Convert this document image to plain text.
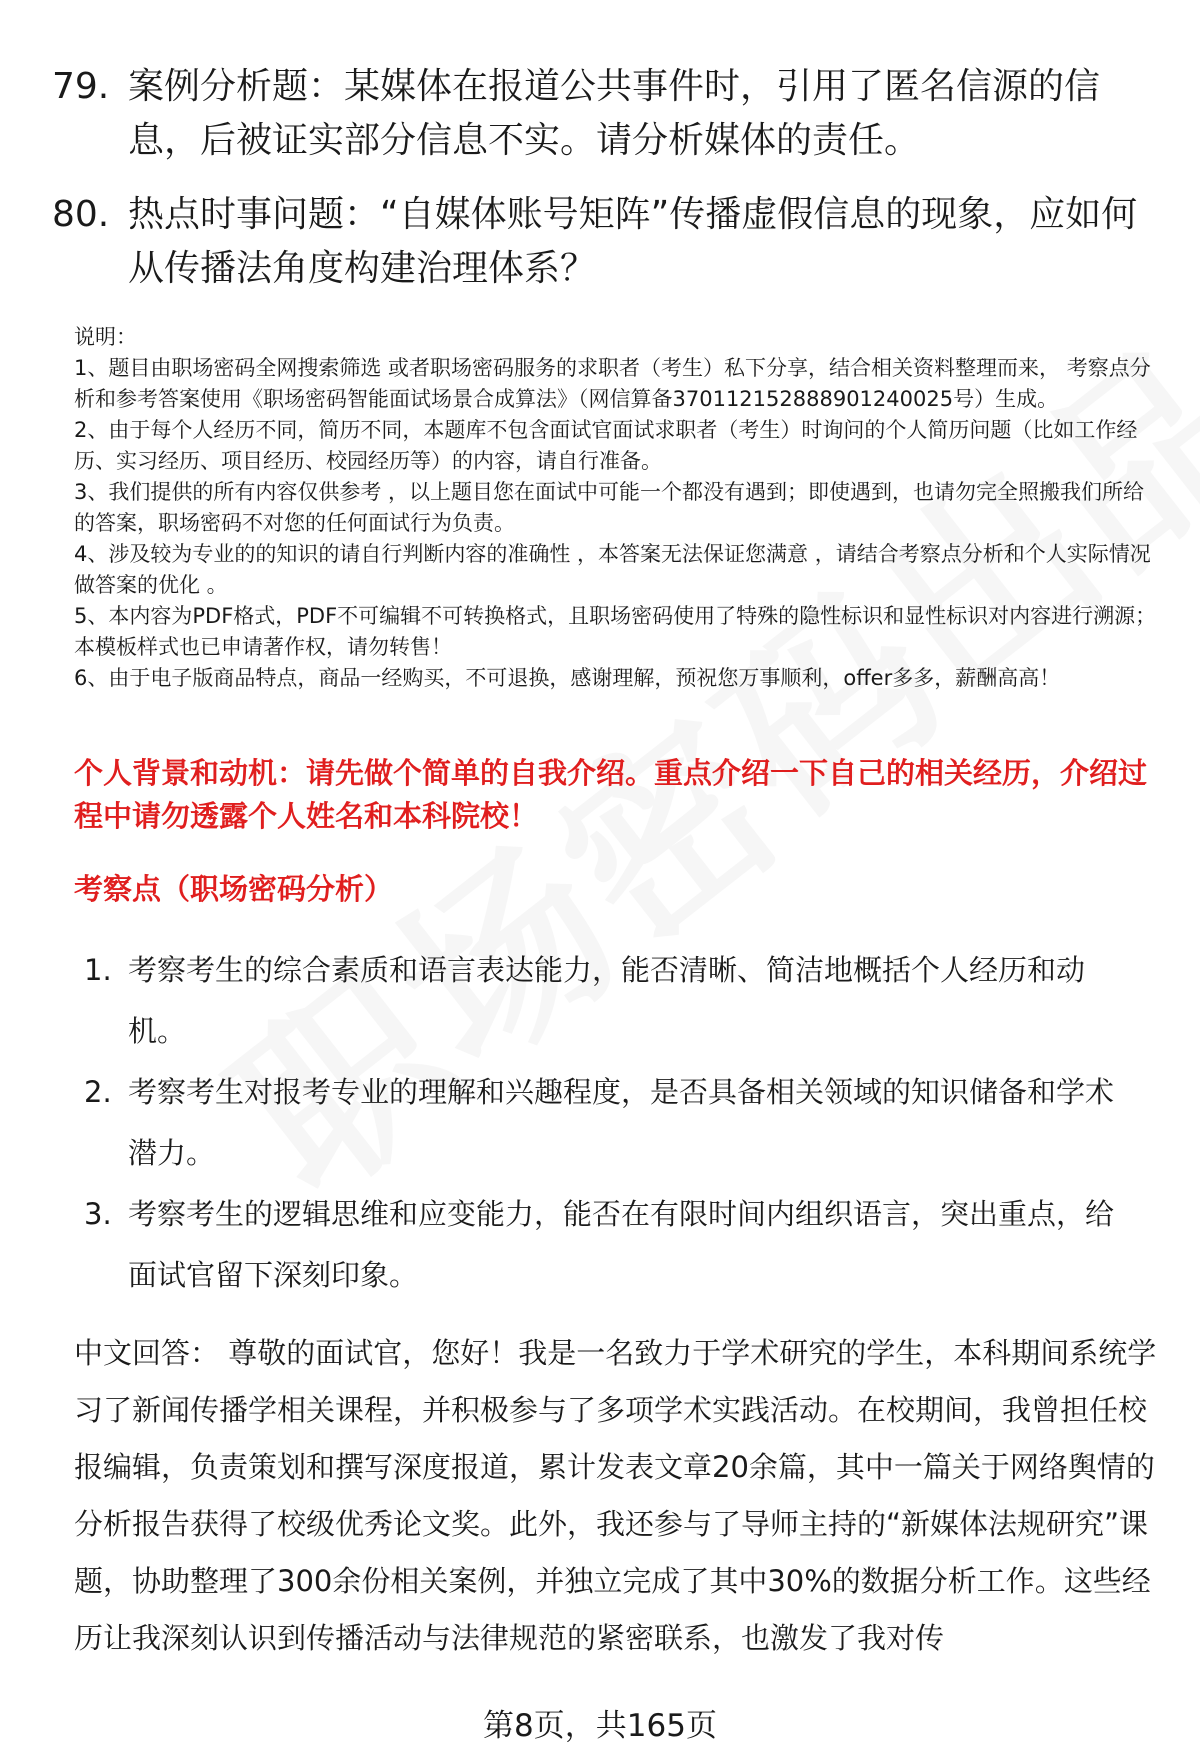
79. 案例分析题：某媒体在报道公共事件时，引用了匿名信源的信息，后被证实部分信息不实。请分析媒体的责任。
80. 热点时事问题：“自媒体账号矩阵”传播虚假信息的现象，应如何从传播法角度构建治理体系？

说明：

1、题目由职场密码全网搜索筛选 或者职场密码服务的求职者（考生）私下分享，结合相关资料整理而来， 考察点分析和参考答案使用《职场密码智能面试场景合成算法》（网信算备370112152888901240025号）生成。

2、由于每个人经历不同，简历不同，本题库不包含面试官面试求职者（考生）时询问的个人简历问题（比如工作经历、实习经历、项目经历、校园经历等）的内容，请自行准备。

3、我们提供的所有内容仅供参考 ，以上题目您在面试中可能一个都没有遇到；即使遇到，也请勿完全照搬我们所给的答案，职场密码不对您的任何面试行为负责。

4、涉及较为专业的的知识的请自行判断内容的准确性 ，本答案无法保证您满意 ，请结合考察点分析和个人实际情况做答案的优化 。

5、本内容为PDF格式，PDF不可编辑不可转换格式，且职场密码使用了特殊的隐性标识和显性标识对内容进行溯源；本模板样式也已申请著作权，请勿转售！

6、由于电子版商品特点，商品一经购买，不可退换，感谢理解，预祝您万事顺利，offer多多，薪酬高高！

个人背景和动机：请先做个简单的自我介绍。重点介绍一下自己的相关经历，介绍过程中请勿透露个人姓名和本科院校！
考察点（职场密码分析）
1. 考察考生的综合素质和语言表达能力，能否清晰、简洁地概括个人经历和动机。
2. 考察考生对报考专业的理解和兴趣程度，是否具备相关领域的知识储备和学术潜力。
3. 考察考生的逻辑思维和应变能力，能否在有限时间内组织语言，突出重点，给面试官留下深刻印象。

中文回答： 尊敬的面试官，您好！我是一名致力于学术研究的学生，本科期间系统学习了新闻传播学相关课程，并积极参与了多项学术实践活动。在校期间，我曾担任校报编辑，负责策划和撰写深度报道，累计发表文章20余篇，其中一篇关于网络舆情的分析报告获得了校级优秀论文奖。此外，我还参与了导师主持的“新媒体法规研究”课题，协助整理了300余份相关案例，并独立完成了其中30%的数据分析工作。这些经历让我深刻认识到传播活动与法律规范的紧密联系，也激发了我对传

第8页，共165页
